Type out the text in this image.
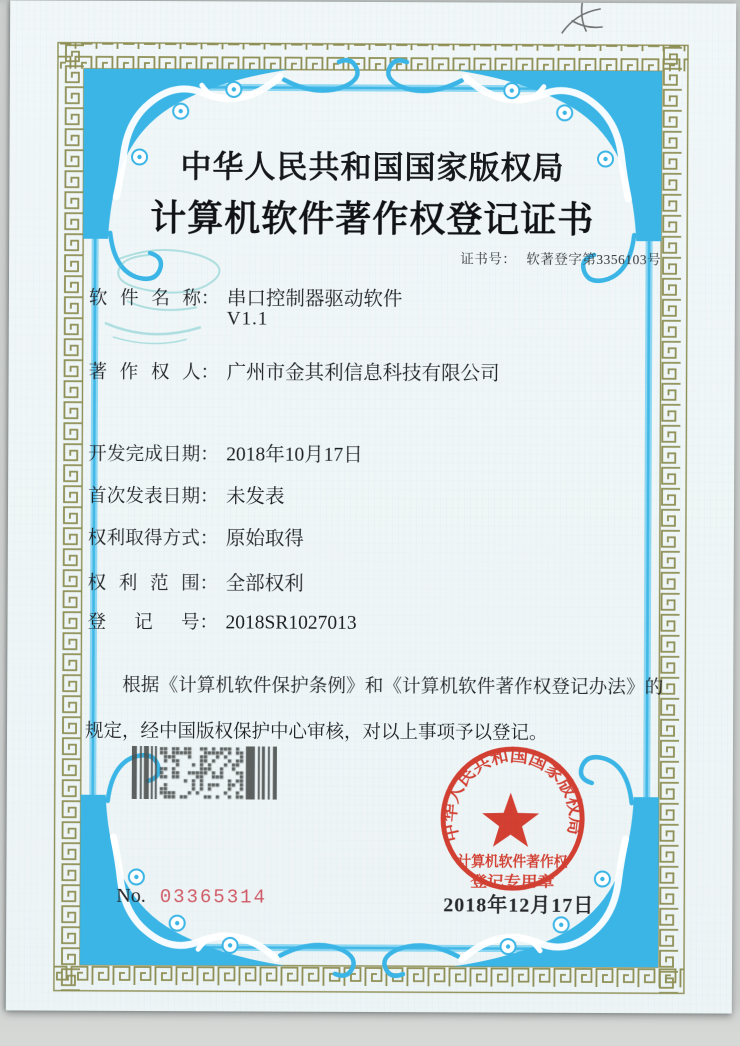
中华人民共和国国家版权局
计算机软件著作权登记证书
证书号： 软著登字第3356103号
软件名称： 串口控制器驱动软件
V1.1
著作权人： 广州市金其利信息科技有限公司
开发完成日期： 2018年10月17日
首次发表日期： 未发表
权利取得方式： 原始取得
权利范围： 全部权利
登记号： 2018SR1027013
根据《计算机软件保护条例》和《计算机软件著作权登记办法》的规定，经中国版权保护中心审核，对以上事项予以登记。
No. 03365314	2018年12月17日
中华人民共和国国家版权局
计算机软件著作权
登记专用章
